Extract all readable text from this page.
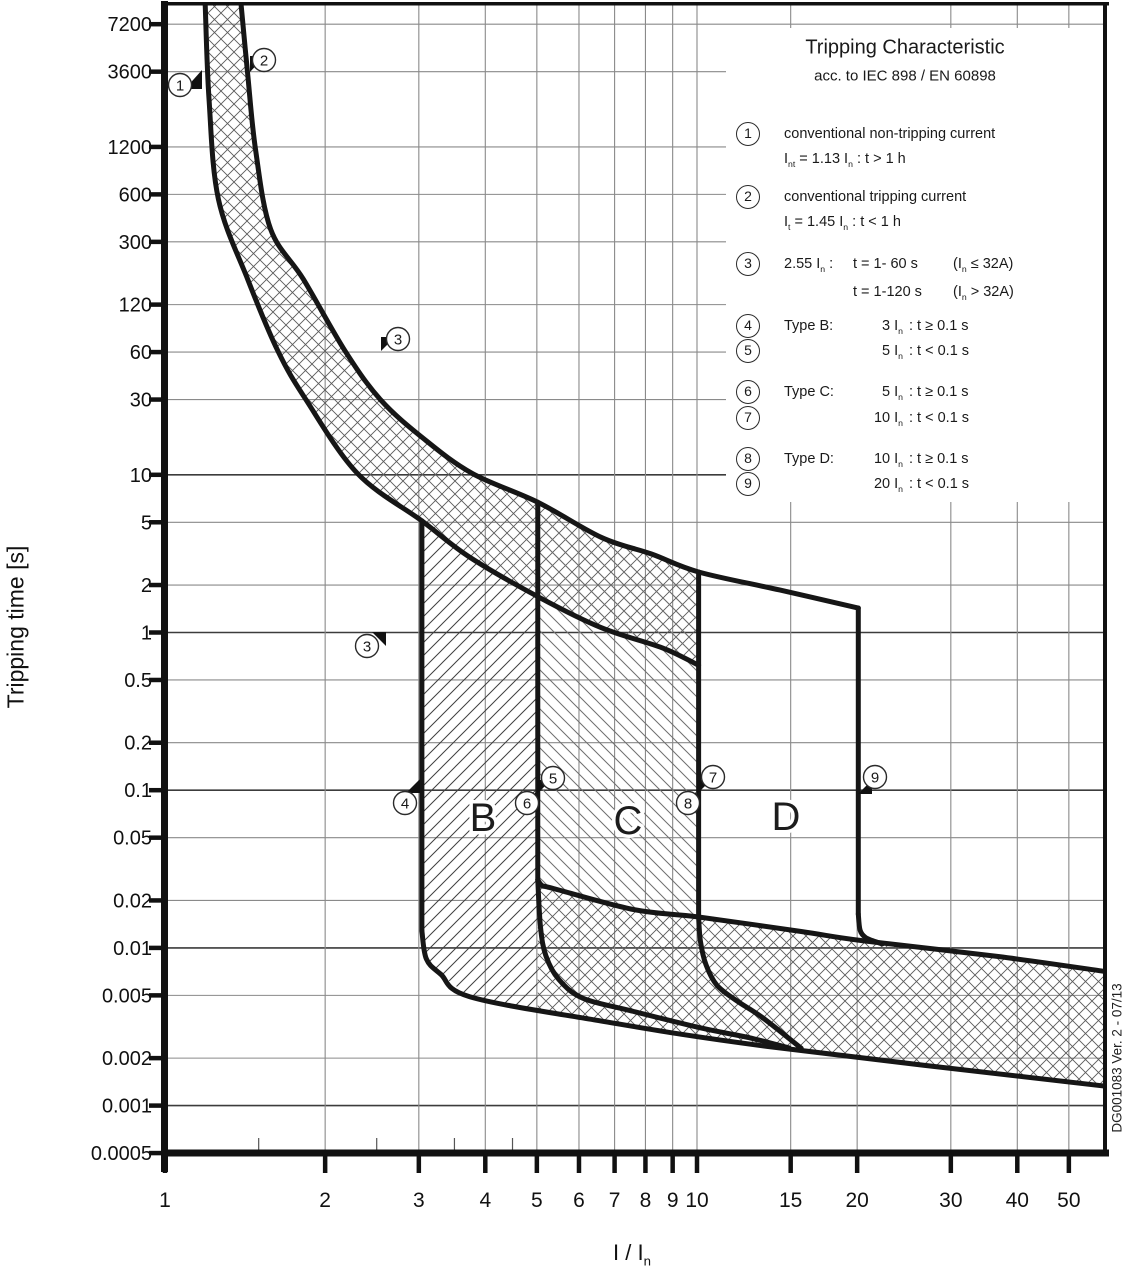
7200
3600
1200
600
300
120
60
30
10
5
2
1
0.5
0.2
0.1
0.05
0.02
0.01
0.005
0.002
0.001
0.0005
1	2	3	4 5 6 7 8 9 10	15 20	30 40 50
B	C	D
1
2
3
3
4
5
6
7
8
9
Tripping Characteristic
acc. to IEC 898 / EN 60898
1	conventional non-tripping current
$I_{nt} = 1.13$ $I_n$ : t > 1 h
2	conventional tripping current
$I_t = 1.45$ $I_n$ : t < 1 h
3	2.55 $I_n$ : t = 1- 60 s $(I_n \le 32A)$
t = 1-120 s $(I_n > 32A)$
4	Type B:	3 $I_n$ : t ≥ 0.1 s
5	5 $I_n$ : t < 0.1 s
6	Type C:	5 $I_n$ : t ≥ 0.1 s
7	10 $I_n$ : t < 0.1 s
8	Type D:	10 $I_n$ : t ≥ 0.1 s
9	20 $I_n$ : t < 0.1 s
Tripping time [s]
I / $I_n$
DG001083 Ver. 2 - 07/13
